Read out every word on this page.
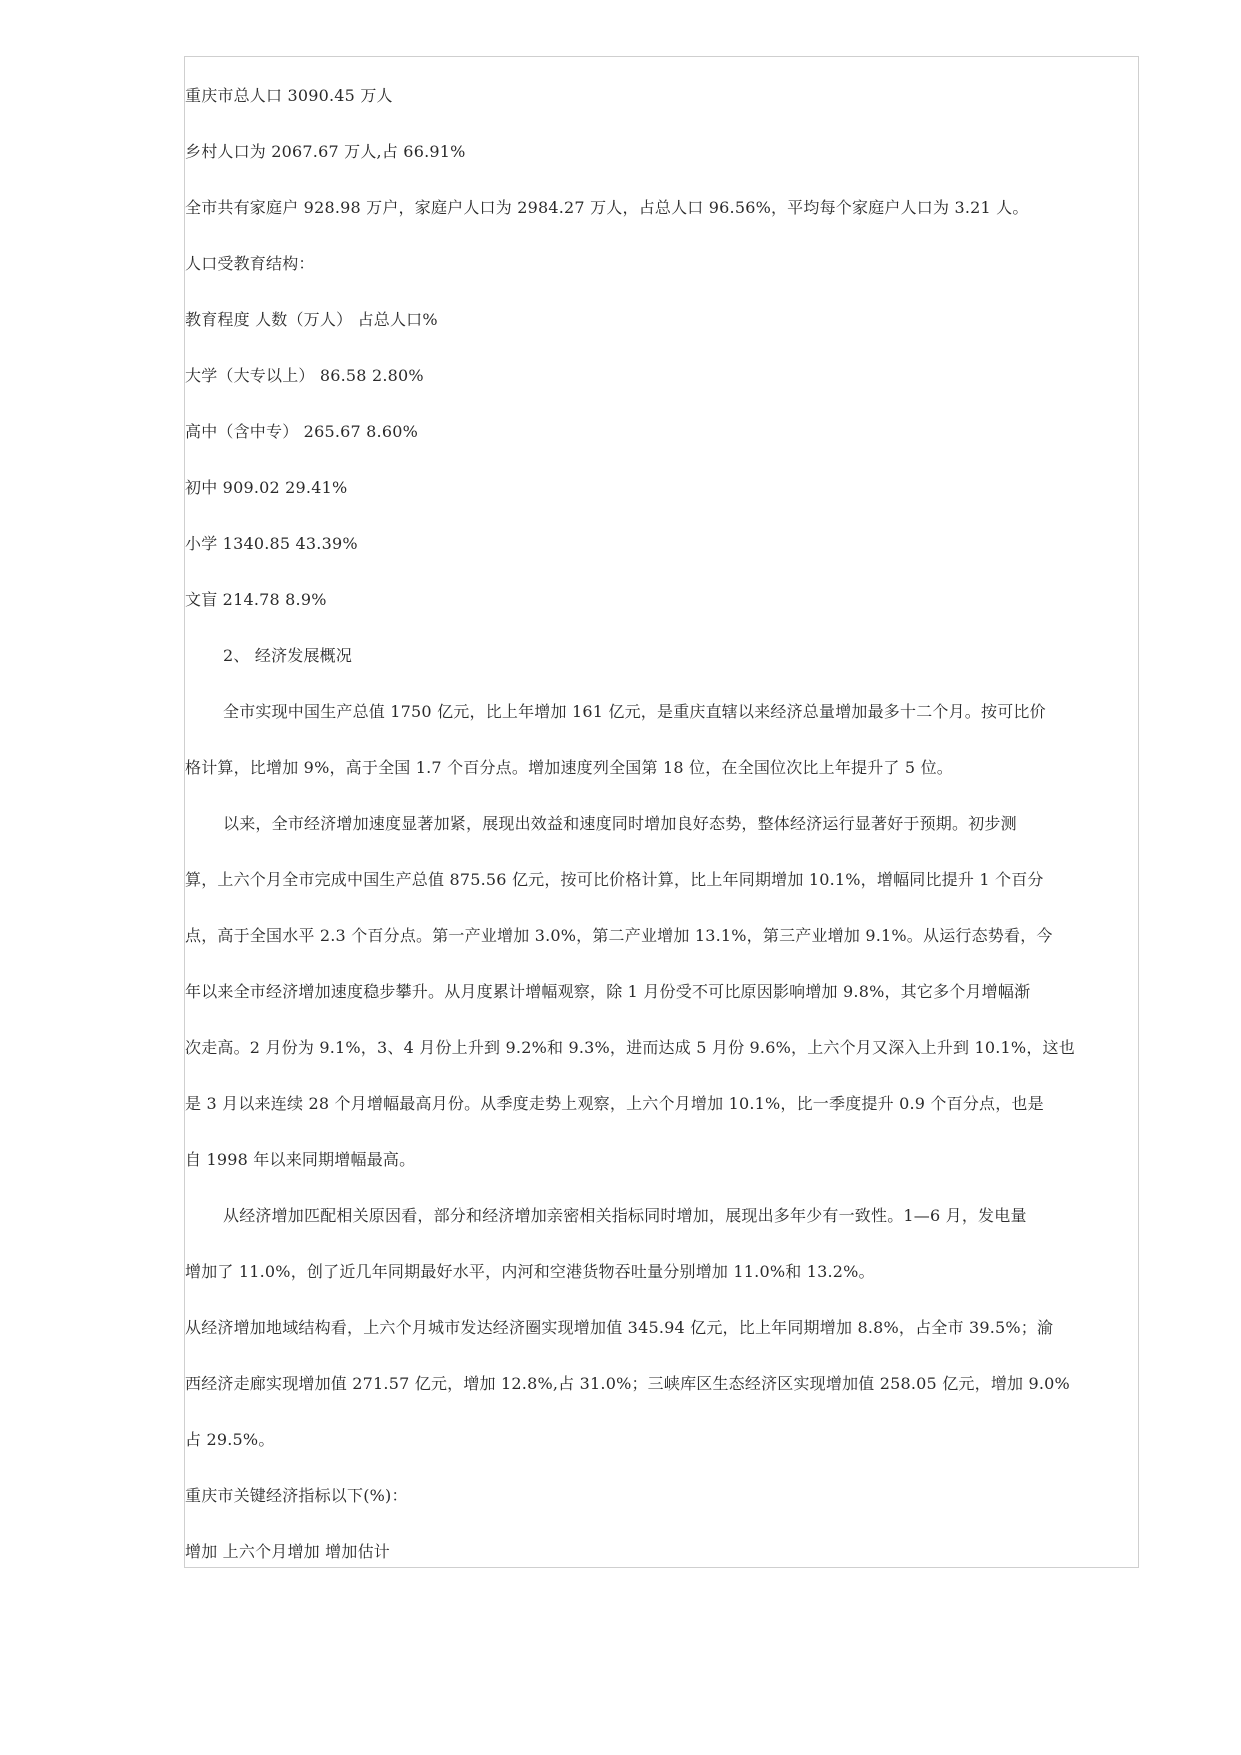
重庆市总人口 3090.45 万人

乡村人口为 2067.67 万人,占 66.91%

全市共有家庭户 928.98 万户，家庭户人口为 2984.27 万人，占总人口 96.56%，平均每个家庭户人口为 3.21 人。

人口受教育结构：

教育程度 人数（万人） 占总人口%

大学（大专以上） 86.58 2.80%

高中（含中专） 265.67 8.60%

初中 909.02 29.41%

小学 1340.85 43.39%

文盲 214.78 8.9%

2、 经济发展概况

全市实现中国生产总值 1750 亿元，比上年增加 161 亿元，是重庆直辖以来经济总量增加最多十二个月。按可比价

格计算，比增加 9%，高于全国 1.7 个百分点。增加速度列全国第 18 位，在全国位次比上年提升了 5 位。

以来，全市经济增加速度显著加紧，展现出效益和速度同时增加良好态势，整体经济运行显著好于预期。初步测

算，上六个月全市完成中国生产总值 875.56 亿元，按可比价格计算，比上年同期增加 10.1%，增幅同比提升 1 个百分

点，高于全国水平 2.3 个百分点。第一产业增加 3.0%，第二产业增加 13.1%，第三产业增加 9.1%。从运行态势看，今

年以来全市经济增加速度稳步攀升。从月度累计增幅观察，除 1 月份受不可比原因影响增加 9.8%，其它多个月增幅渐

次走高。2 月份为 9.1%，3、4 月份上升到 9.2%和 9.3%，进而达成 5 月份 9.6%，上六个月又深入上升到 10.1%，这也

是 3 月以来连续 28 个月增幅最高月份。从季度走势上观察，上六个月增加 10.1%，比一季度提升 0.9 个百分点，也是

自 1998 年以来同期增幅最高。

从经济增加匹配相关原因看，部分和经济增加亲密相关指标同时增加，展现出多年少有一致性。1—6 月，发电量

增加了 11.0%，创了近几年同期最好水平，内河和空港货物吞吐量分别增加 11.0%和 13.2%。

从经济增加地域结构看，上六个月城市发达经济圈实现增加值 345.94 亿元，比上年同期增加 8.8%，占全市 39.5%；渝

西经济走廊实现增加值 271.57 亿元，增加 12.8%,占 31.0%；三峡库区生态经济区实现增加值 258.05 亿元，增加 9.0%

占 29.5%。

重庆市关键经济指标以下(%)：

增加 上六个月增加 增加估计
